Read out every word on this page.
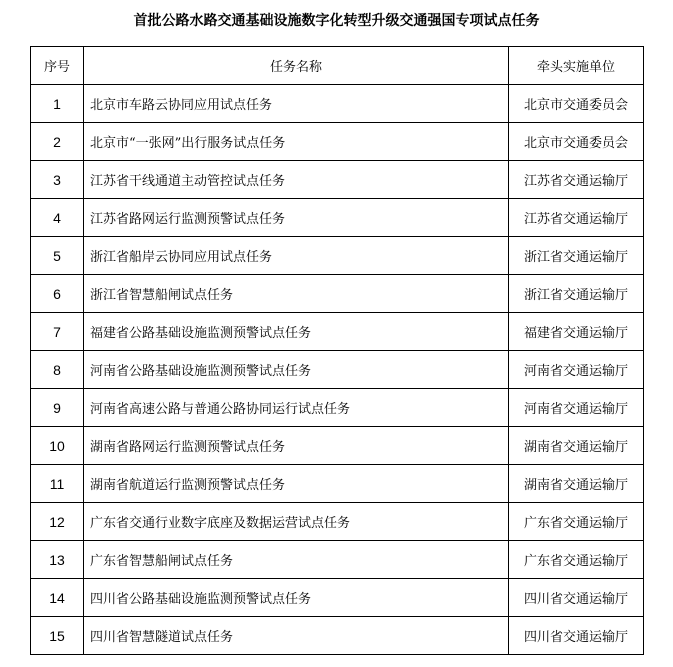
首批公路水路交通基础设施数字化转型升级交通强国专项试点任务
序号	任务名称	牵头实施单位
1	北京市车路云协同应用试点任务	北京市交通委员会
2	北京市“一张网”出行服务试点任务	北京市交通委员会
3	江苏省干线通道主动管控试点任务	江苏省交通运输厅
4	江苏省路网运行监测预警试点任务	江苏省交通运输厅
5	浙江省船岸云协同应用试点任务	浙江省交通运输厅
6	浙江省智慧船闸试点任务	浙江省交通运输厅
7	福建省公路基础设施监测预警试点任务	福建省交通运输厅
8	河南省公路基础设施监测预警试点任务	河南省交通运输厅
9	河南省高速公路与普通公路协同运行试点任务	河南省交通运输厅
10	湖南省路网运行监测预警试点任务	湖南省交通运输厅
11	湖南省航道运行监测预警试点任务	湖南省交通运输厅
12	广东省交通行业数字底座及数据运营试点任务	广东省交通运输厅
13	广东省智慧船闸试点任务	广东省交通运输厅
14	四川省公路基础设施监测预警试点任务	四川省交通运输厅
15	四川省智慧隧道试点任务	四川省交通运输厅
